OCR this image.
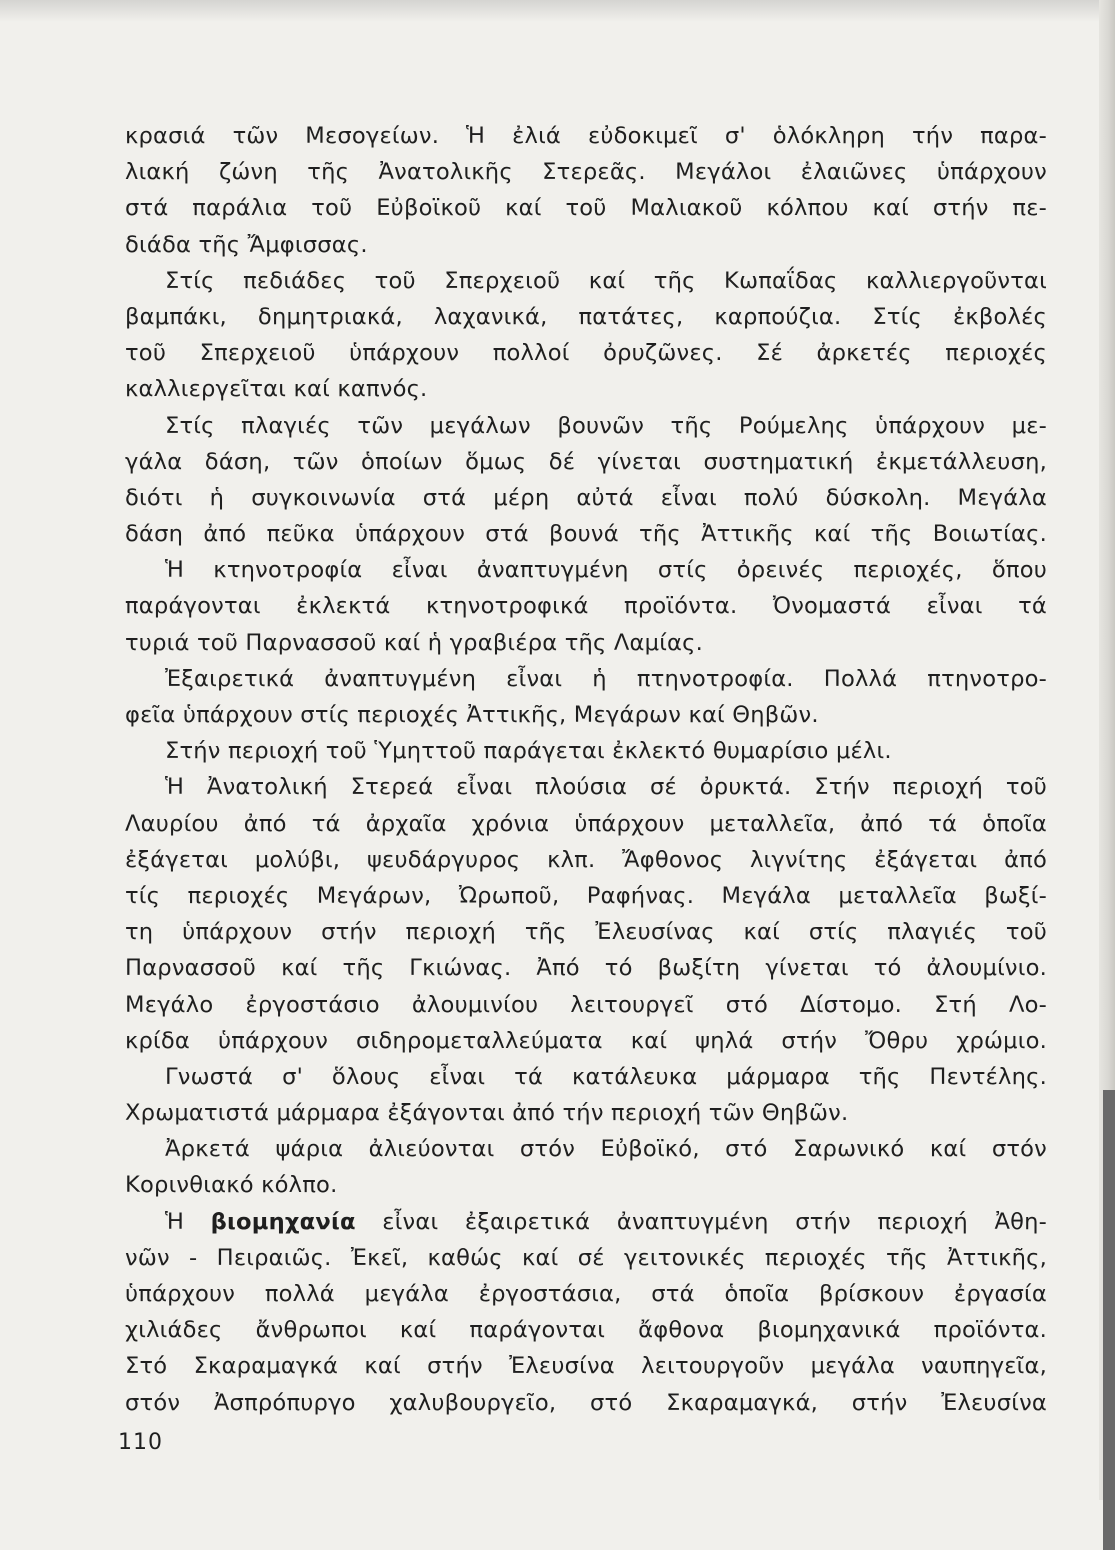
κρασιά τῶν Μεσογείων. Ἡ ἐλιά εὐδοκιμεῖ σ' ὁλόκληρη τήν παρα-
λιακή ζώνη τῆς Ἀνατολικῆς Στερεᾶς. Μεγάλοι ἐλαιῶνες ὑπάρχουν
στά παράλια τοῦ Εὐβοϊκοῦ καί τοῦ Μαλιακοῦ κόλπου καί στήν πε-
διάδα τῆς Ἄμφισσας.
Στίς πεδιάδες τοῦ Σπερχειοῦ καί τῆς Κωπαΐδας καλλιεργοῦνται
βαμπάκι, δημητριακά, λαχανικά, πατάτες, καρπούζια. Στίς ἐκβολές
τοῦ Σπερχειοῦ ὑπάρχουν πολλοί ὀρυζῶνες. Σέ ἀρκετές περιοχές
καλλιεργεῖται καί καπνός.
Στίς πλαγιές τῶν μεγάλων βουνῶν τῆς Ρούμελης ὑπάρχουν με-
γάλα δάση, τῶν ὁποίων ὅμως δέ γίνεται συστηματική ἐκμετάλλευση,
διότι ἡ συγκοινωνία στά μέρη αὐτά εἶναι πολύ δύσκολη. Μεγάλα
δάση ἀπό πεῦκα ὑπάρχουν στά βουνά τῆς Ἀττικῆς καί τῆς Βοιωτίας.
Ἡ κτηνοτροφία εἶναι ἀναπτυγμένη στίς ὀρεινές περιοχές, ὅπου
παράγονται ἐκλεκτά κτηνοτροφικά προϊόντα. Ὀνομαστά εἶναι τά
τυριά τοῦ Παρνασσοῦ καί ἡ γραβιέρα τῆς Λαμίας.
Ἐξαιρετικά ἀναπτυγμένη εἶναι ἡ πτηνοτροφία. Πολλά πτηνοτρο-
φεῖα ὑπάρχουν στίς περιοχές Ἀττικῆς, Μεγάρων καί Θηβῶν.
Στήν περιοχή τοῦ Ὑμηττοῦ παράγεται ἐκλεκτό θυμαρίσιο μέλι.
Ἡ Ἀνατολική Στερεά εἶναι πλούσια σέ ὀρυκτά. Στήν περιοχή τοῦ
Λαυρίου ἀπό τά ἀρχαῖα χρόνια ὑπάρχουν μεταλλεῖα, ἀπό τά ὁποῖα
ἐξάγεται μολύβι, ψευδάργυρος κλπ. Ἄφθονος λιγνίτης ἐξάγεται ἀπό
τίς περιοχές Μεγάρων, Ὠρωποῦ, Ραφήνας. Μεγάλα μεταλλεῖα βωξί-
τη ὑπάρχουν στήν περιοχή τῆς Ἐλευσίνας καί στίς πλαγιές τοῦ
Παρνασσοῦ καί τῆς Γκιώνας. Ἀπό τό βωξίτη γίνεται τό ἀλουμίνιο.
Μεγάλο ἐργοστάσιο ἀλουμινίου λειτουργεῖ στό Δίστομο. Στή Λο-
κρίδα ὑπάρχουν σιδηρομεταλλεύματα καί ψηλά στήν Ὄθρυ χρώμιο.
Γνωστά σ' ὅλους εἶναι τά κατάλευκα μάρμαρα τῆς Πεντέλης.
Χρωματιστά μάρμαρα ἐξάγονται ἀπό τήν περιοχή τῶν Θηβῶν.
Ἀρκετά ψάρια ἀλιεύονται στόν Εὐβοϊκό, στό Σαρωνικό καί στόν
Κορινθιακό κόλπο.
Ἡ βιομηχανία εἶναι ἐξαιρετικά ἀναπτυγμένη στήν περιοχή Ἀθη-
νῶν - Πειραιῶς. Ἐκεῖ, καθώς καί σέ γειτονικές περιοχές τῆς Ἀττικῆς,
ὑπάρχουν πολλά μεγάλα ἐργοστάσια, στά ὁποῖα βρίσκουν ἐργασία
χιλιάδες ἄνθρωποι καί παράγονται ἄφθονα βιομηχανικά προϊόντα.
Στό Σκαραμαγκά καί στήν Ἐλευσίνα λειτουργοῦν μεγάλα ναυπηγεῖα,
στόν Ἀσπρόπυργο χαλυβουργεῖο, στό Σκαραμαγκά, στήν Ἐλευσίνα
110
